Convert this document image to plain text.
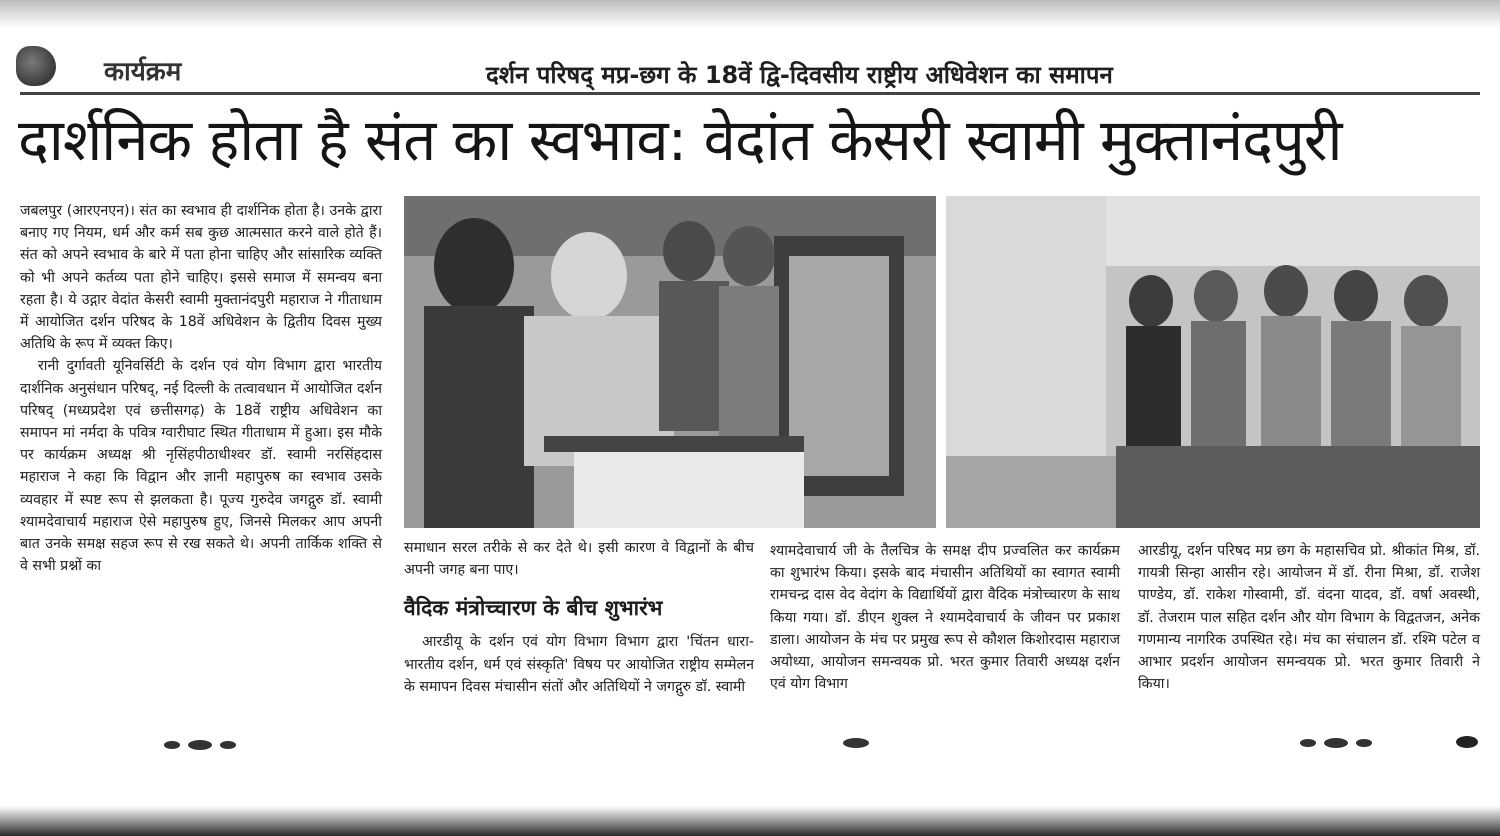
कार्यक्रम	दर्शन परिषद् मप्र-छग के 18वें द्वि-दिवसीय राष्ट्रीय अधिवेशन का समापन
दार्शनिक होता है संत का स्वभाव: वेदांत केसरी स्वामी मुक्तानंदपुरी

जबलपुर (आरएनएन)। संत का स्वभाव ही दार्शनिक होता है। उनके द्वारा बनाए गए नियम, धर्म और कर्म सब कुछ आत्मसात करने वाले होते हैं। संत को अपने स्वभाव के बारे में पता होना चाहिए और सांसारिक व्यक्ति को भी अपने कर्तव्य पता होने चाहिए। इससे समाज में समन्वय बना रहता है। ये उद्गार वेदांत केसरी स्वामी मुक्तानंदपुरी महाराज ने गीताधाम में आयोजित दर्शन परिषद के 18वें अधिवेशन के द्वितीय दिवस मुख्य अतिथि के रूप में व्यक्त किए।

रानी दुर्गावती यूनिवर्सिटी के दर्शन एवं योग विभाग द्वारा भारतीय दार्शनिक अनुसंधान परिषद्, नई दिल्ली के तत्वावधान में आयोजित दर्शन परिषद् (मध्यप्रदेश एवं छत्तीसगढ़) के 18वें राष्ट्रीय अधिवेशन का समापन मां नर्मदा के पवित्र ग्वारीघाट स्थित गीताधाम में हुआ। इस मौके पर कार्यक्रम अध्यक्ष श्री नृसिंहपीठाधीश्वर डॉ. स्वामी नरसिंहदास महाराज ने कहा कि विद्वान और ज्ञानी महापुरुष का स्वभाव उसके व्यवहार में स्पष्ट रूप से झलकता है। पूज्य गुरुदेव जगद्गुरु डॉ. स्वामी श्यामदेवाचार्य महाराज ऐसे महापुरुष हुए, जिनसे मिलकर आप अपनी बात उनके समक्ष सहज रूप से रख सकते थे। अपनी तार्किक शक्ति से वे सभी प्रश्नों का

समाधान सरल तरीके से कर देते थे। इसी कारण वे विद्वानों के बीच अपनी जगह बना पाए।

वैदिक मंत्रोच्चारण के बीच शुभारंभ

आरडीयू के दर्शन एवं योग विभाग विभाग द्वारा 'चिंतन धारा-भारतीय दर्शन, धर्म एवं संस्कृति' विषय पर आयोजित राष्ट्रीय सम्मेलन के समापन दिवस मंचासीन संतों और अतिथियों ने जगद्गुरु डॉ. स्वामी

श्यामदेवाचार्य जी के तैलचित्र के समक्ष दीप प्रज्वलित कर कार्यक्रम का शुभारंभ किया। इसके बाद मंचासीन अतिथियों का स्वागत स्वामी रामचन्द्र दास वेद वेदांग के विद्यार्थियों द्वारा वैदिक मंत्रोच्चारण के साथ किया गया। डॉ. डीएन शुक्ल ने श्यामदेवाचार्य के जीवन पर प्रकाश डाला। आयोजन के मंच पर प्रमुख रूप से कौशल किशोरदास महाराज अयोध्या, आयोजन समन्वयक प्रो. भरत कुमार तिवारी अध्यक्ष दर्शन एवं योग विभाग

आरडीयू, दर्शन परिषद मप्र छग के महासचिव प्रो. श्रीकांत मिश्र, डॉ. गायत्री सिन्हा आसीन रहे। आयोजन में डॉ. रीना मिश्रा, डॉ. राजेश पाण्डेय, डॉ. राकेश गोस्वामी, डॉ. वंदना यादव, डॉ. वर्षा अवस्थी, डॉ. तेजराम पाल सहित दर्शन और योग विभाग के विद्वतजन, अनेक गणमान्य नागरिक उपस्थित रहे। मंच का संचालन डॉ. रश्मि पटेल व आभार प्रदर्शन आयोजन समन्वयक प्रो. भरत कुमार तिवारी ने किया।
